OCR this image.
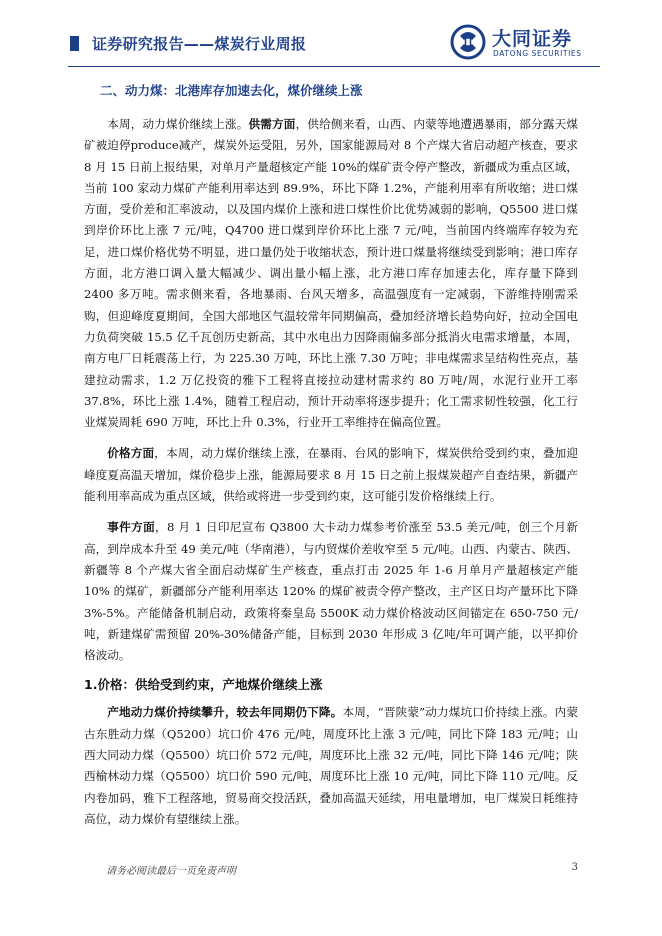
证券研究报告——煤炭行业周报	大同证券
DATONG SECURITIES
二、动力煤：北港库存加速去化，煤价继续上涨

本周，动力煤价继续上涨。供需方面，供给侧来看，山西、内蒙等地遭遇暴雨，部分露天煤矿被迫停produce减产，煤炭外运受阻，另外，国家能源局对 8 个产煤大省启动超产核查，要求 8 月 15 日前上报结果，对单月产量超核定产能 10%的煤矿责令停产整改，新疆成为重点区域，当前 100 家动力煤矿产能利用率达到 89.9%，环比下降 1.2%，产能利用率有所收缩；进口煤方面，受价差和汇率波动，以及国内煤价上涨和进口煤性价比优势减弱的影响，Q5500 进口煤到岸价环比上涨 7 元/吨，Q4700 进口煤到岸价环比上涨 7 元/吨，当前国内终端库存较为充足，进口煤价格优势不明显，进口量仍处于收缩状态，预计进口煤量将继续受到影响；港口库存方面，北方港口调入量大幅减少、调出量小幅上涨，北方港口库存加速去化，库存量下降到 2400 多万吨。需求侧来看，各地暴雨、台风天增多，高温强度有一定减弱，下游维持刚需采购，但迎峰度夏期间，全国大部地区气温较常年同期偏高，叠加经济增长趋势向好，拉动全国电力负荷突破 15.5 亿千瓦创历史新高，其中水电出力因降雨偏多部分抵消火电需求增量，本周，南方电厂日耗震荡上行，为 225.30 万吨，环比上涨 7.30 万吨；非电煤需求呈结构性亮点，基建拉动需求，1.2 万亿投资的雅下工程将直接拉动建材需求约 80 万吨/周，水泥行业开工率 37.8%，环比上涨 1.4%，随着工程启动，预计开动率将逐步提升；化工需求韧性较强，化工行业煤炭周耗 690 万吨，环比上升 0.3%，行业开工率维持在偏高位置。

价格方面，本周，动力煤价继续上涨，在暴雨、台风的影响下，煤炭供给受到约束，叠加迎峰度夏高温天增加，煤价稳步上涨，能源局要求 8 月 15 日之前上报煤炭超产自查结果，新疆产能利用率高成为重点区域，供给或将进一步受到约束，这可能引发价格继续上行。

事件方面，8 月 1 日印尼宣布 Q3800 大卡动力煤参考价涨至 53.5 美元/吨，创三个月新高，到岸成本升至 49 美元/吨（华南港），与内贸煤价差收窄至 5 元/吨。山西、内蒙古、陕西、新疆等 8 个产煤大省全面启动煤矿生产核查，重点打击 2025 年 1-6 月单月产量超核定产能 10% 的煤矿，新疆部分产能利用率达 120% 的煤矿被责令停产整改，主产区日均产量环比下降 3%-5%。产能储备机制启动，政策将秦皇岛 5500K 动力煤价格波动区间锚定在 650-750 元/吨，新建煤矿需预留 20%-30%储备产能，目标到 2030 年形成 3 亿吨/年可调产能，以平抑价格波动。

1.价格：供给受到约束，产地煤价继续上涨

产地动力煤价持续攀升，较去年同期仍下降。本周，“晋陕蒙”动力煤坑口价持续上涨。内蒙古东胜动力煤（Q5200）坑口价 476 元/吨，周度环比上涨 3 元/吨，同比下降 183 元/吨；山西大同动力煤（Q5500）坑口价 572 元/吨，周度环比上涨 32 元/吨，同比下降 146 元/吨；陕西榆林动力煤（Q5500）坑口价 590 元/吨，周度环比上涨 10 元/吨，同比下降 110 元/吨。反内卷加码，雅下工程落地，贸易商交投活跃，叠加高温天延续，用电量增加，电厂煤炭日耗维持高位，动力煤价有望继续上涨。

请务必阅读最后一页免责声明	3
